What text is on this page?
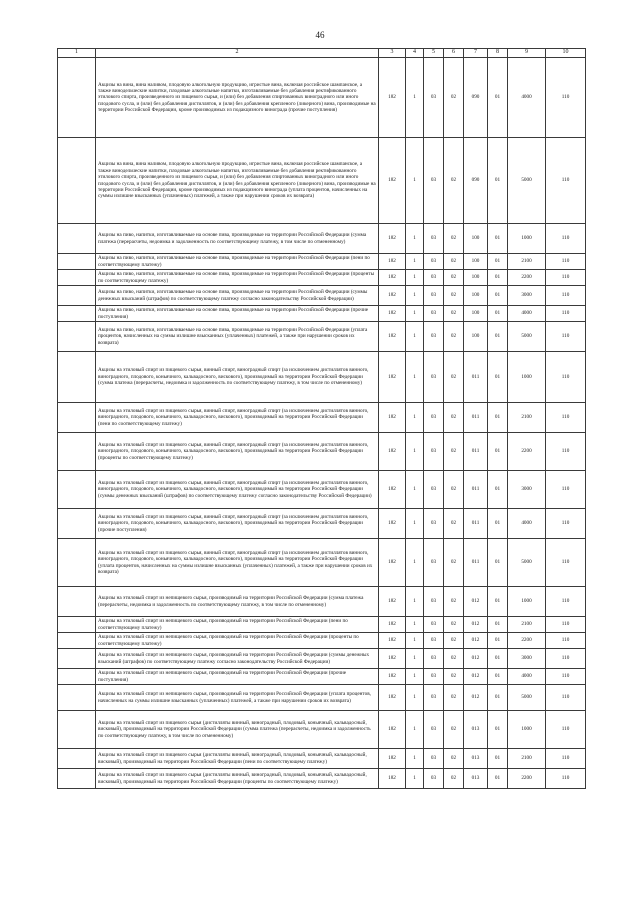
46
1	2	3	4	5	6	7	8	9	10
	Акцизы на вина, вина наливом, плодовую алкогольную продукцию, игристые вина, включая российское шампанское, а также винодельческие напитки, плодовые алкогольные напитки, изготавливаемые без добавления ректификованного этилового спирта, произведенного из пищевого сырья, и (или) без добавления спиртованных виноградного или иного плодового сусла, и (или) без добавления дистиллятов, и (или) без добавления крепленого (ликерного) вина, производимые на территории Российской Федерации, кроме производимых из подакцизного винограда (прочие поступления)	182	1	03	02	090	01	4000	110
	Акцизы на вина, вина наливом, плодовую алкогольную продукцию, игристые вина, включая российское шампанское, а также винодельческие напитки, плодовые алкогольные напитки, изготавливаемые без добавления ректификованного этилового спирта, произведенного из пищевого сырья, и (или) без добавления спиртованных виноградного или иного плодового сусла, и (или) без добавления дистиллятов, и (или) без добавления крепленого (ликерного) вина, производимые на территории Российской Федерации, кроме производимых из подакцизного винограда (уплата процентов, начисленных на суммы излишне взысканных (уплаченных) платежей, а также при нарушении сроков их возврата)	182	1	03	02	090	01	5000	110
	Акцизы на пиво, напитки, изготавливаемые на основе пива, производимые на территории Российской Федерации (сумма платежа (перерасчеты, недоимка и задолженность по соответствующему платежу, в том числе по отмененному)	182	1	03	02	100	01	1000	110
	Акцизы на пиво, напитки, изготавливаемые на основе пива, производимые на территории Российской Федерации (пени по соответствующему платежу)	182	1	03	02	100	01	2100	110
	Акцизы на пиво, напитки, изготавливаемые на основе пива, производимые на территории Российской Федерации (проценты по соответствующему платежу)	182	1	03	02	100	01	2200	110
	Акцизы на пиво, напитки, изготавливаемые на основе пива, производимые на территории Российской Федерации (суммы денежных взысканий (штрафов) по соответствующему платежу согласно законодательству Российской Федерации)	182	1	03	02	100	01	3000	110
	Акцизы на пиво, напитки, изготавливаемые на основе пива, производимые на территории Российской Федерации (прочие поступления)	182	1	03	02	100	01	4000	110
	Акцизы на пиво, напитки, изготавливаемые на основе пива, производимые на территории Российской Федерации (уплата процентов, начисленных на суммы излишне взысканных (уплаченных) платежей, а также при нарушении сроков их возврата)	182	1	03	02	100	01	5000	110
	Акцизы на этиловый спирт из пищевого сырья, винный спирт, виноградный спирт (за исключением дистиллятов винного, виноградного, плодового, коньячного, кальвадосного, вискового), производимый на территории Российской Федерации (сумма платежа (перерасчеты, недоимка и задолженность по соответствующему платежу, в том числе по отмененному)	182	1	03	02	011	01	1000	110
	Акцизы на этиловый спирт из пищевого сырья, винный спирт, виноградный спирт (за исключением дистиллятов винного, виноградного, плодового, коньячного, кальвадосного, вискового), производимый на территории Российской Федерации (пени по соответствующему платежу)	182	1	03	02	011	01	2100	110
	Акцизы на этиловый спирт из пищевого сырья, винный спирт, виноградный спирт (за исключением дистиллятов винного, виноградного, плодового, коньячного, кальвадосного, вискового), производимый на территории Российской Федерации (проценты по соответствующему платежу)	182	1	03	02	011	01	2200	110
	Акцизы на этиловый спирт из пищевого сырья, винный спирт, виноградный спирт (за исключением дистиллятов винного, виноградного, плодового, коньячного, кальвадосного, вискового), производимый на территории Российской Федерации (суммы денежных взысканий (штрафов) по соответствующему платежу согласно законодательству Российской Федерации)	182	1	03	02	011	01	3000	110
	Акцизы на этиловый спирт из пищевого сырья, винный спирт, виноградный спирт (за исключением дистиллятов винного, виноградного, плодового, коньячного, кальвадосного, вискового), производимый на территории Российской Федерации (прочие поступления)	182	1	03	02	011	01	4000	110
	Акцизы на этиловый спирт из пищевого сырья, винный спирт, виноградный спирт (за исключением дистиллятов винного, виноградного, плодового, коньячного, кальвадосного, вискового), производимый на территории Российской Федерации (уплата процентов, начисленных на суммы излишне взысканных (уплаченных) платежей, а также при нарушении сроков их возврата)	182	1	03	02	011	01	5000	110
	Акцизы на этиловый спирт из непищевого сырья, производимый на территории Российской Федерации (сумма платежа (перерасчеты, недоимка и задолженность по соответствующему платежу, в том числе по отмененному)	182	1	03	02	012	01	1000	110
	Акцизы на этиловый спирт из непищевого сырья, производимый на территории Российской Федерации (пени по соответствующему платежу)	182	1	03	02	012	01	2100	110
	Акцизы на этиловый спирт из непищевого сырья, производимый на территории Российской Федерации (проценты по соответствующему платежу)	182	1	03	02	012	01	2200	110
	Акцизы на этиловый спирт из непищевого сырья, производимый на территории Российской Федерации (суммы денежных взысканий (штрафов) по соответствующему платежу согласно законодательству Российской Федерации)	182	1	03	02	012	01	3000	110
	Акцизы на этиловый спирт из непищевого сырья, производимый на территории Российской Федерации (прочие поступления)	182	1	03	02	012	01	4000	110
	Акцизы на этиловый спирт из непищевого сырья, производимый на территории Российской Федерации (уплата процентов, начисленных на суммы излишне взысканных (уплаченных) платежей, а также при нарушении сроков их возврата)	182	1	03	02	012	01	5000	110
	Акцизы на этиловый спирт из пищевого сырья (дистилляты винный, виноградный, плодовый, коньячный, кальвадосный, висковый), производимый на территории Российской Федерации (сумма платежа (перерасчеты, недоимка и задолженность по соответствующему платежу, в том числе по отмененному)	182	1	03	02	013	01	1000	110
	Акцизы на этиловый спирт из пищевого сырья (дистилляты винный, виноградный, плодовый, коньячный, кальвадосный, висковый), производимый на территории Российской Федерации (пени по соответствующему платежу)	182	1	03	02	013	01	2100	110
	Акцизы на этиловый спирт из пищевого сырья (дистилляты винный, виноградный, плодовый, коньячный, кальвадосный, висковый), производимый на территории Российской Федерации (проценты по соответствующему платежу)	182	1	03	02	013	01	2200	110
